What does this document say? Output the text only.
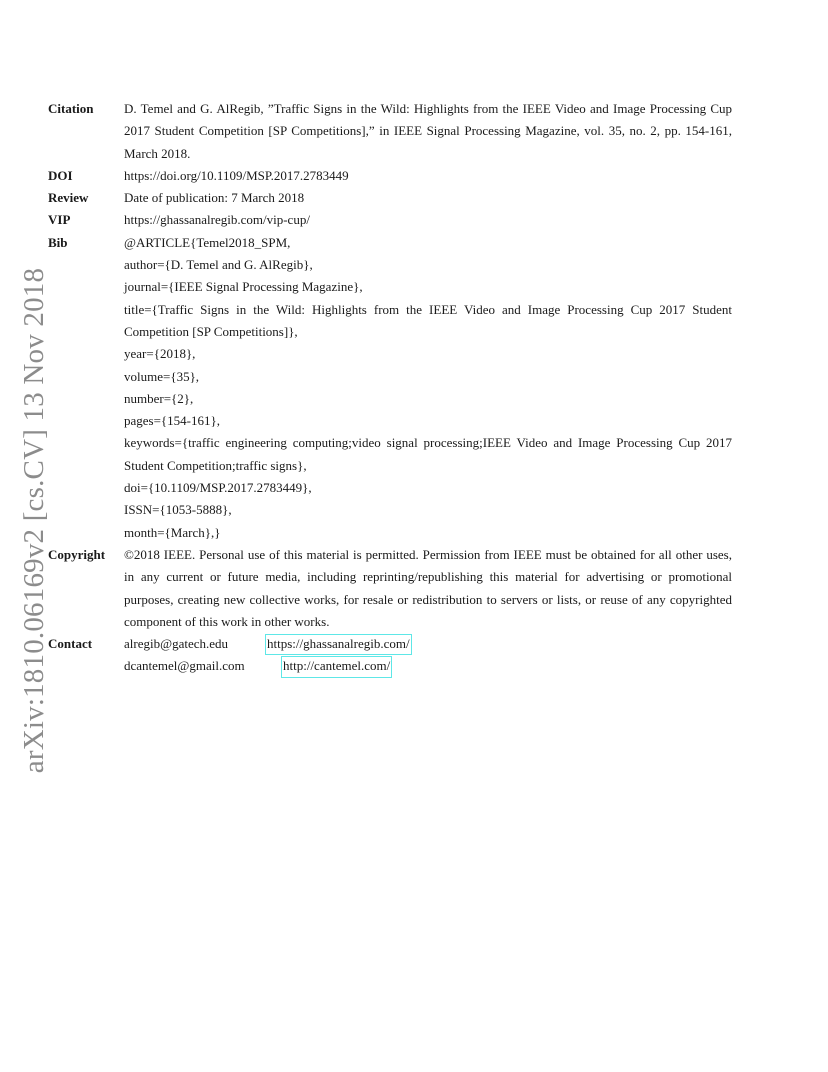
arXiv:1810.06169v2 [cs.CV] 13 Nov 2018
Citation	D. Temel and G. AlRegib, ”Traffic Signs in the Wild: Highlights from the IEEE Video and Image Processing Cup 2017 Student Competition [SP Competitions],” in IEEE Signal Processing Magazine, vol. 35, no. 2, pp. 154-161, March 2018.
DOI	https://doi.org/10.1109/MSP.2017.2783449
Review	Date of publication: 7 March 2018
VIP	https://ghassanalregib.com/vip-cup/
Bib	@ARTICLE{Temel2018_SPM,
author={D. Temel and G. AlRegib},
journal={IEEE Signal Processing Magazine},
title={Traffic Signs in the Wild: Highlights from the IEEE Video and Image Processing Cup 2017 Student Competition [SP Competitions]},
year={2018},
volume={35},
number={2},
pages={154-161},
keywords={traffic engineering computing;video signal processing;IEEE Video and Image Processing Cup 2017 Student Competition;traffic signs},
doi={10.1109/MSP.2017.2783449},
ISSN={1053-5888},
month={March},}
Copyright	©2018 IEEE. Personal use of this material is permitted. Permission from IEEE must be obtained for all other uses, in any current or future media, including reprinting/republishing this material for advertising or promotional purposes, creating new collective works, for resale or redistribution to servers or lists, or reuse of any copyrighted component of this work in other works.
Contact	alregib@gatech.edu	https://ghassanalregib.com/
dcantemel@gmail.com	http://cantemel.com/
